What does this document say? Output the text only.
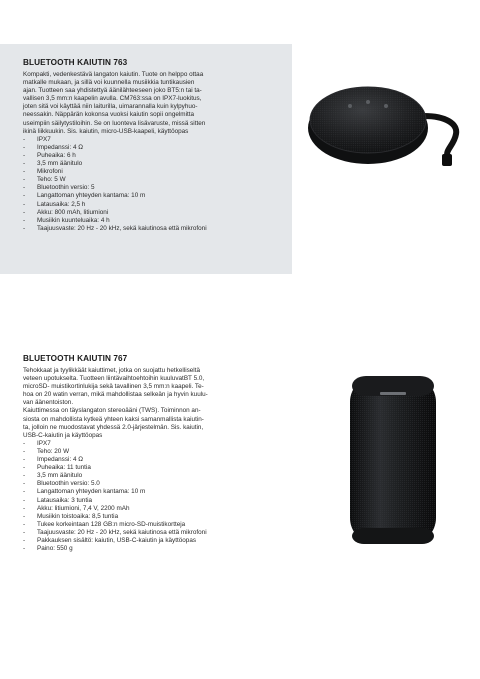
BLUETOOTH KAIUTIN 763

Kompakti, vedenkestävä langaton kaiutin. Tuote on helppo ottaa
matkalle mukaan, ja sillä voi kuunnella musiikkia tuntikausien
ajan. Tuotteen saa yhdistettyä äänilähteeseen joko BT5:n tai ta-
vallisen 3,5 mm:n kaapelin avulla. CM763:ssa on IPX7-luokitus,
joten sitä voi käyttää niin laiturilla, uimarannalla kuin kylpyhuo-
neessakin. Näppärän kokonsa vuoksi kaiutin sopii ongelmitta
useimpiin säilytystiloihin. Se on luonteva lisävaruste, missä sitten
ikinä liikkuukin. Sis. kaiutin, micro-USB-kaapeli, käyttöopas

- IPX7
- Impedanssi: 4 Ω
- Puheaika: 6 h
- 3,5 mm äänitulo
- Mikrofoni
- Teho: 5 W
- Bluetoothin versio: 5
- Langattoman yhteyden kantama: 10 m
- Latausaika: 2,5 h
- Akku: 800 mAh, litiumioni
- Musiikin kuunteluaika: 4 h
- Taajuusvaste: 20 Hz - 20 kHz, sekä kaiutinosa että mikrofoni
BLUETOOTH KAIUTIN 767

Tehokkaat ja tyylikkäät kaiuttimet, jotka on suojattu hetkelliseltä
veteen upotukselta. Tuotteen liintävaihtoehtoihin kuuluvatBT 5.0,
microSD- muistikortinlukija sekä tavallinen 3,5 mm:n kaapeli. Te-
hoa on 20 watin verran, mikä mahdollistaa selkeän ja hyvin kuulu-
van äänentoiston.
Kaiuttimessa on täyslangaton stereoääni (TWS). Toiminnon an-
siosta on mahdollista kytkeä yhteen kaksi samanmallista kaiutin-
ta, jolloin ne muodostavat yhdessä 2.0-järjestelmän. Sis. kaiutin,
USB-C-kaiutin ja käyttöopas

- IPX7
- Teho: 20 W
- Impedanssi: 4 Ω
- Puheaika: 11 tuntia
- 3,5 mm äänitulo
- Bluetoothin versio: 5.0
- Langattoman yhteyden kantama: 10 m
- Latausaika: 3 tuntia
- Akku: litiumioni, 7,4 V, 2200 mAh
- Musiikin toistoaika: 8,5 tuntia
- Tukee korkeintaan 128 GB:n micro-SD-muistikortteja
- Taajuusvaste: 20 Hz - 20 kHz, sekä kaiutinosa että mikrofoni
- Pakkauksen sisältö: kaiutin, USB-C-kaiutin ja käyttöopas
- Paino: 550 g
